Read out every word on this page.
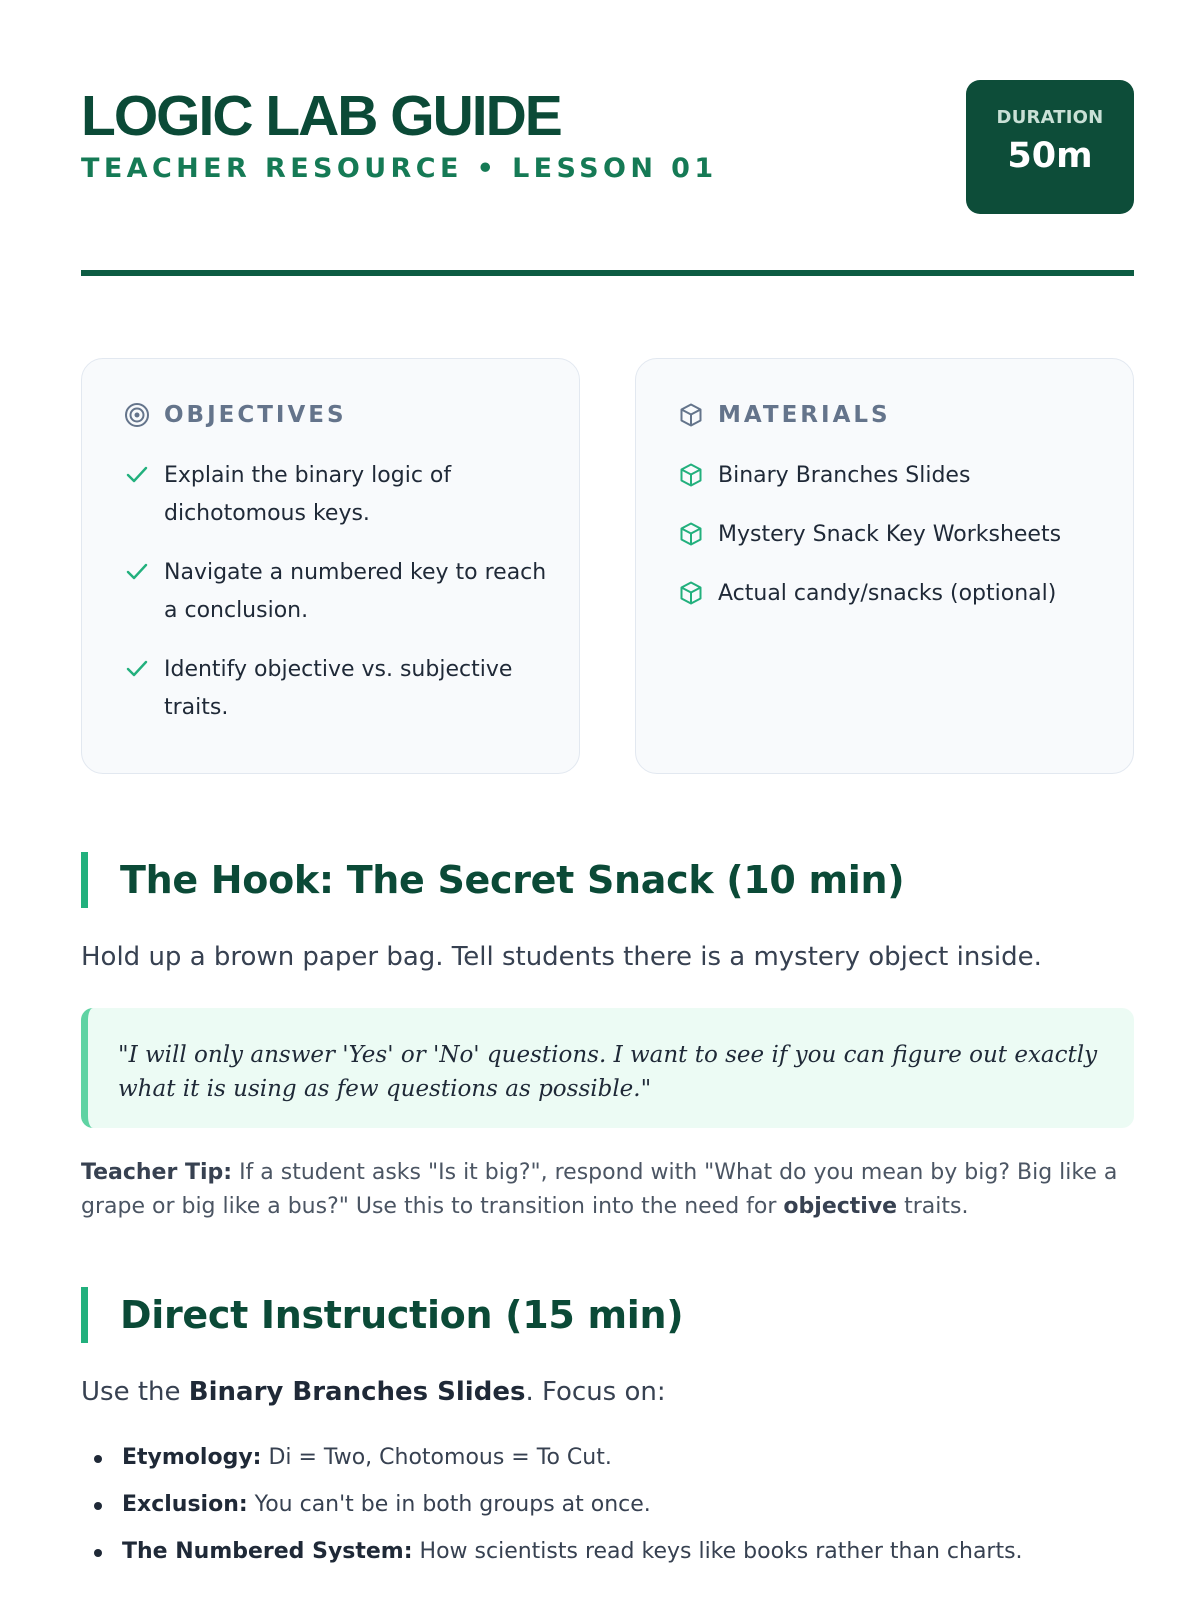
LOGIC LAB GUIDE
TEACHER RESOURCE • LESSON 01
DURATION
50m
OBJECTIVES
Explain the binary logic of dichotomous keys.
Navigate a numbered key to reach a conclusion.
Identify objective vs. subjective traits.
MATERIALS
Binary Branches Slides
Mystery Snack Key Worksheets
Actual candy/snacks (optional)
The Hook: The Secret Snack (10 min)
Hold up a brown paper bag. Tell students there is a mystery object inside.
"I will only answer 'Yes' or 'No' questions. I want to see if you can figure out exactly what it is using as few questions as possible."
Teacher Tip: If a student asks "Is it big?", respond with "What do you mean by big? Big like a grape or big like a bus?" Use this to transition into the need for objective traits.
Direct Instruction (15 min)
Use the Binary Branches Slides. Focus on:
Etymology: Di = Two, Chotomous = To Cut.
Exclusion: You can't be in both groups at once.
The Numbered System: How scientists read keys like books rather than charts.
